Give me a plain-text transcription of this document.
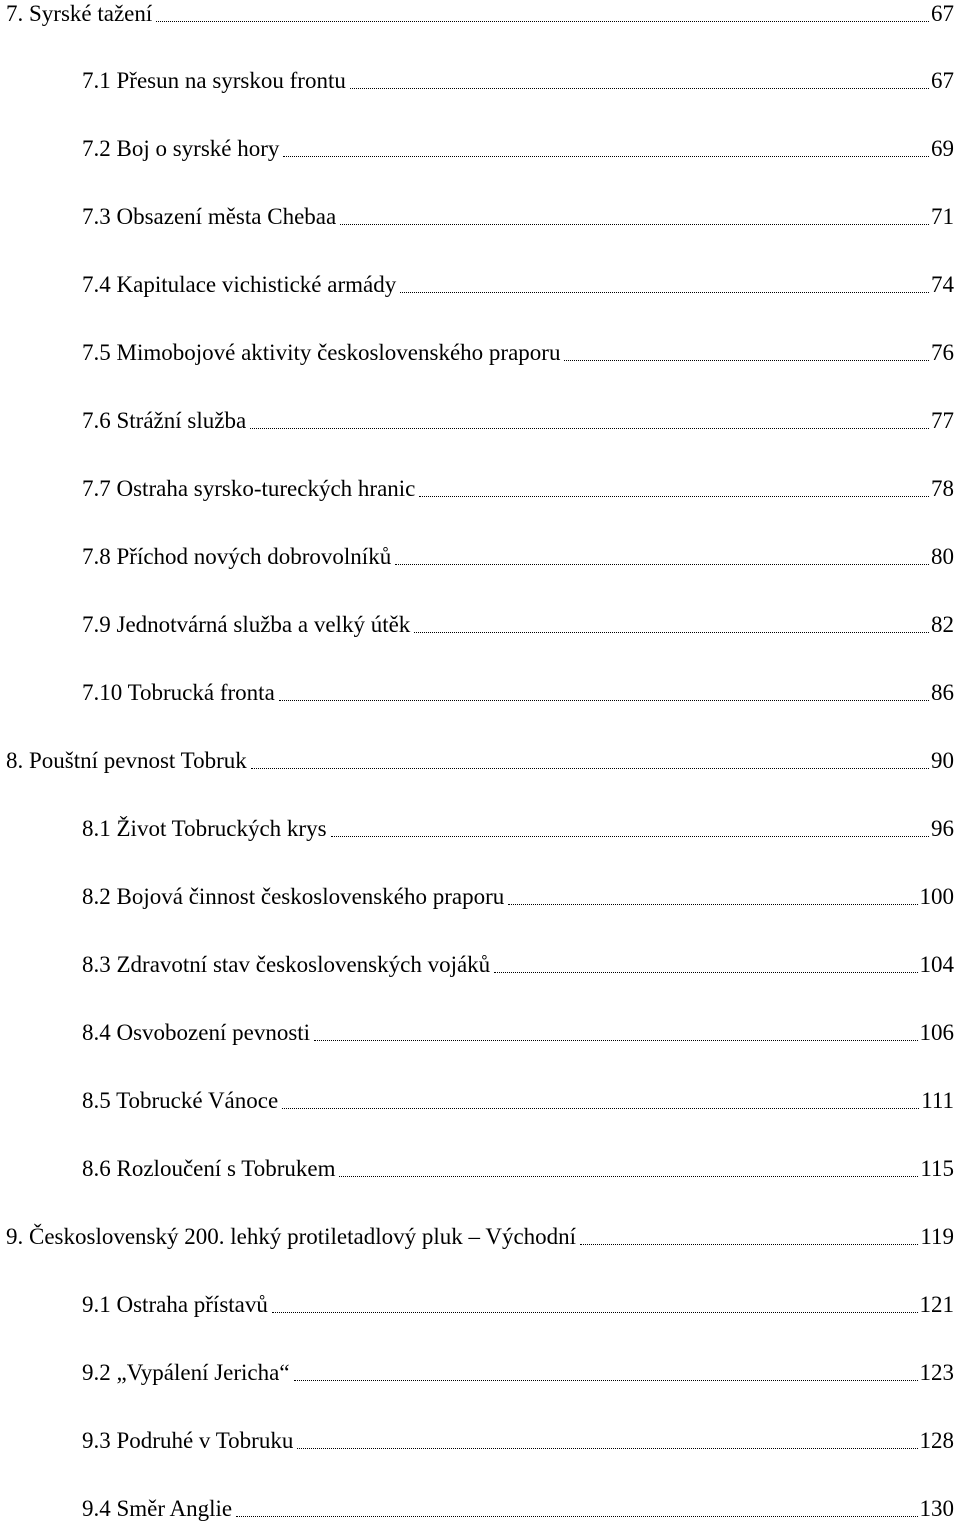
7. Syrské tažení	67
7.1 Přesun na syrskou frontu	67
7.2 Boj o syrské hory	69
7.3 Obsazení města Chebaa	71
7.4 Kapitulace vichistické armády	74
7.5 Mimobojové aktivity československého praporu	76
7.6 Strážní služba	77
7.7 Ostraha syrsko-tureckých hranic	78
7.8 Příchod nových dobrovolníků	80
7.9 Jednotvárná služba a velký útěk	82
7.10 Tobrucká fronta	86
8. Pouštní pevnost Tobruk	90
8.1 Život Tobruckých krys	96
8.2 Bojová činnost československého praporu	100
8.3 Zdravotní stav československých vojáků	104
8.4 Osvobození pevnosti	106
8.5 Tobrucké Vánoce	111
8.6 Rozloučení s Tobrukem	115
9. Československý 200. lehký protiletadlový pluk – Východní	119
9.1 Ostraha přístavů	121
9.2 „Vypálení Jericha“	123
9.3 Podruhé v Tobruku	128
9.4 Směr Anglie	130
